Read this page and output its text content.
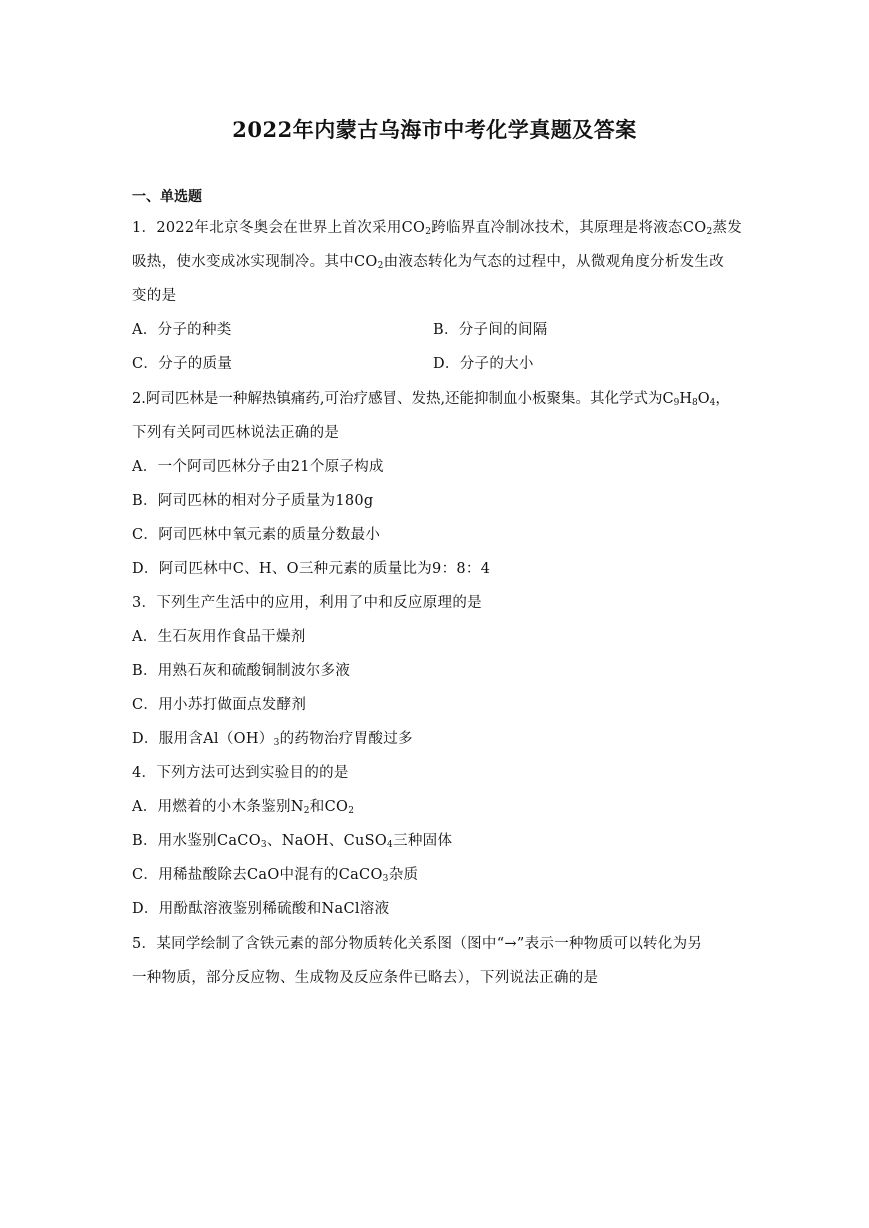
2022年内蒙古乌海市中考化学真题及答案
一、单选题
1．2022年北京冬奥会在世界上首次采用$CO_2$跨临界直冷制冰技术，其原理是将液态$CO_2$蒸发
吸热，使水变成冰实现制冷。其中$CO_2$由液态转化为气态的过程中，从微观角度分析发生改
变的是
A．分子的种类	B．分子间的间隔
C．分子的质量	D．分子的大小
2.阿司匹林是一种解热镇痛药,可治疗感冒、发热,还能抑制血小板聚集。其化学式为$C_9H_8O_4$，
下列有关阿司匹林说法正确的是
A．一个阿司匹林分子由21个原子构成
B．阿司匹林的相对分子质量为180g
C．阿司匹林中氧元素的质量分数最小
D．阿司匹林中C、H、O三种元素的质量比为9：8：4
3．下列生产生活中的应用，利用了中和反应原理的是
A．生石灰用作食品干燥剂
B．用熟石灰和硫酸铜制波尔多液
C．用小苏打做面点发酵剂
D．服用含$Al(OH)_3$的药物治疗胃酸过多
4．下列方法可达到实验目的的是
A．用燃着的小木条鉴别$N_2$和$CO_2$
B．用水鉴别CaCO$_3$、NaOH、CuSO$_4$三种固体
C．用稀盐酸除去CaO中混有的CaCO$_3$杂质
D．用酚酞溶液鉴别稀硫酸和NaCl溶液
5．某同学绘制了含铁元素的部分物质转化关系图（图中“→”表示一种物质可以转化为另
一种物质，部分反应物、生成物及反应条件已略去），下列说法正确的是
